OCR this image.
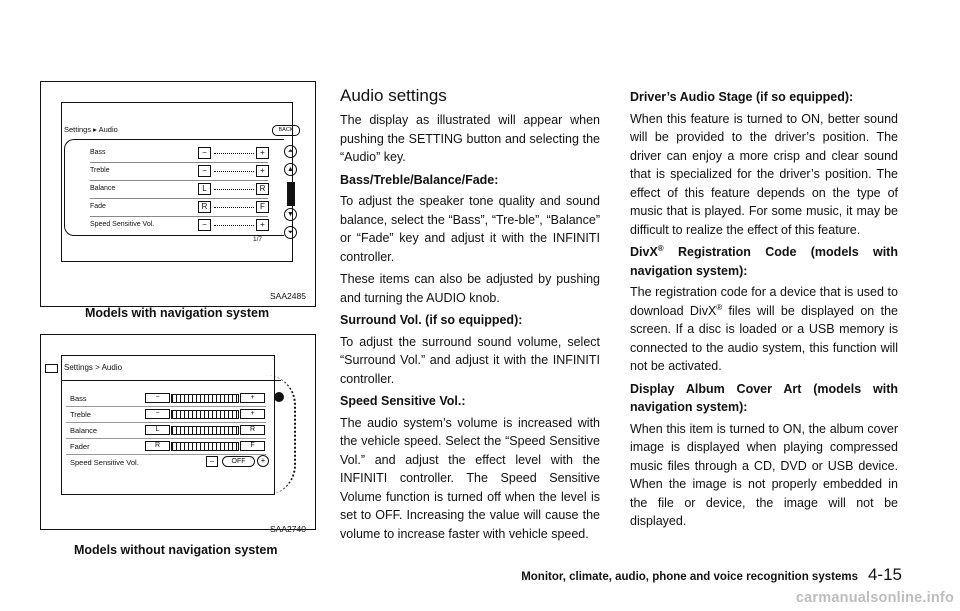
Settings ▸ Audio	BACK
Bass	−	+
Treble	−	+
Balance	L	R
Fade	R	F
Speed Sensitive Vol.	−	+
1/7
⏶
▲
▼
⏷
SAA2485
Models with navigation system
Settings > Audio
Bass	−	+
Treble	−	+
Balance	L	R
Fader	R	F
Speed Sensitive Vol.	−	OFF	+
SAA2740
Models without navigation system
Audio settings

The display as illustrated will appear when pushing the SETTING button and selecting the “Audio” key.

Bass/Treble/Balance/Fade:

To adjust the speaker tone quality and sound balance, select the “Bass”, “Tre-ble”, “Balance” or “Fade” key and adjust it with the INFINITI controller.

These items can also be adjusted by pushing and turning the AUDIO knob.

Surround Vol. (if so equipped):

To adjust the surround sound volume, select “Surround Vol.” and adjust it with the INFINITI controller.

Speed Sensitive Vol.:

The audio system’s volume is increased with the vehicle speed. Select the “Speed Sensitive Vol.” and adjust the effect level with the INFINITI controller. The Speed Sensitive Volume function is turned off when the level is set to OFF. Increasing the value will cause the volume to increase faster with vehicle speed.

Driver’s Audio Stage (if so equipped):

When this feature is turned to ON, better sound will be provided to the driver’s position. The driver can enjoy a more crisp and clear sound that is specialized for the driver’s position. The effect of this feature depends on the type of music that is played. For some music, it may be difficult to realize the effect of this feature.

DivX® Registration Code (models with navigation system):

The registration code for a device that is used to download DivX® files will be displayed on the screen. If a disc is loaded or a USB memory is connected to the audio system, this function will not be activated.

Display Album Cover Art (models with navigation system):

When this item is turned to ON, the album cover image is displayed when playing compressed music files through a CD, DVD or USB device. When the image is not properly embedded in the file or device, the image will not be displayed.

Monitor, climate, audio, phone and voice recognition systems 4-15
carmanualsonline.info
